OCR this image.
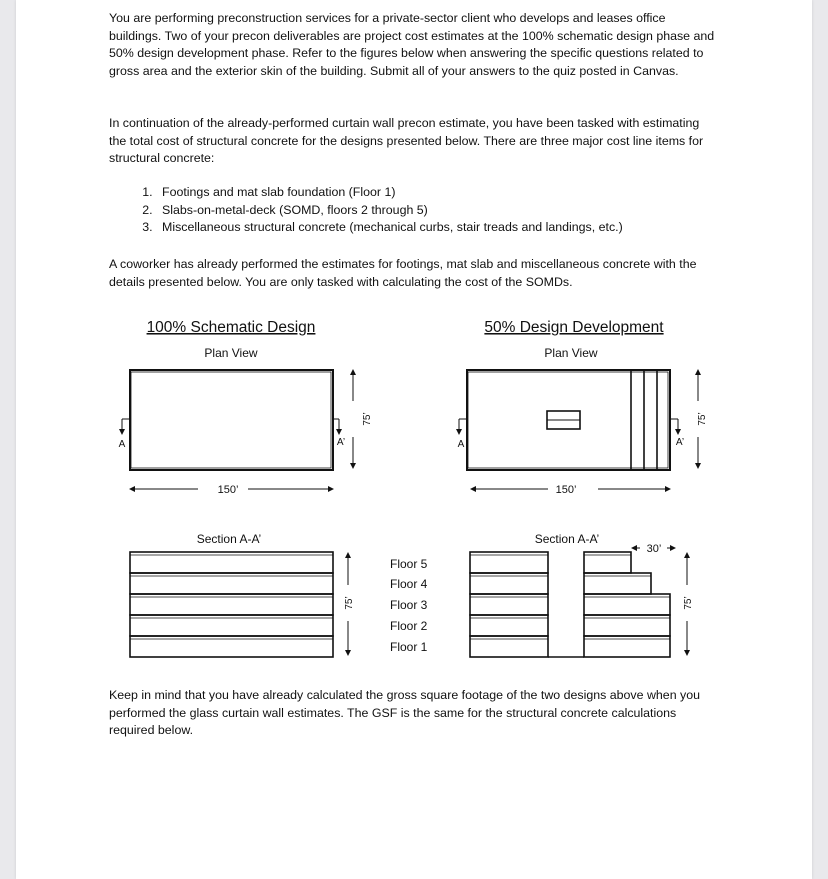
You are performing preconstruction services for a private-sector client who develops and leases office buildings. Two of your precon deliverables are project cost estimates at the 100% schematic design phase and 50% design development phase. Refer to the figures below when answering the specific questions related to gross area and the exterior skin of the building. Submit all of your answers to the quiz posted in Canvas.
In continuation of the already-performed curtain wall precon estimate, you have been tasked with estimating the total cost of structural concrete for the designs presented below. There are three major cost line items for structural concrete:
1. Footings and mat slab foundation (Floor 1)
2. Slabs-on-metal-deck (SOMD, floors 2 through 5)
3. Miscellaneous structural concrete (mechanical curbs, stair treads and landings, etc.)
A coworker has already performed the estimates for footings, mat slab and miscellaneous concrete with the details presented below. You are only tasked with calculating the cost of the SOMDs.
100% Schematic Design
Plan View
A	A’
75’
150’
Section A-A’
75’
Floor 5
Floor 4
Floor 3
Floor 2
Floor 1
50% Design Development
Plan View
A	A’
75’
150’
Section A-A’
30’
75’
Keep in mind that you have already calculated the gross square footage of the two designs above when you performed the glass curtain wall estimates. The GSF is the same for the structural concrete calculations required below.
